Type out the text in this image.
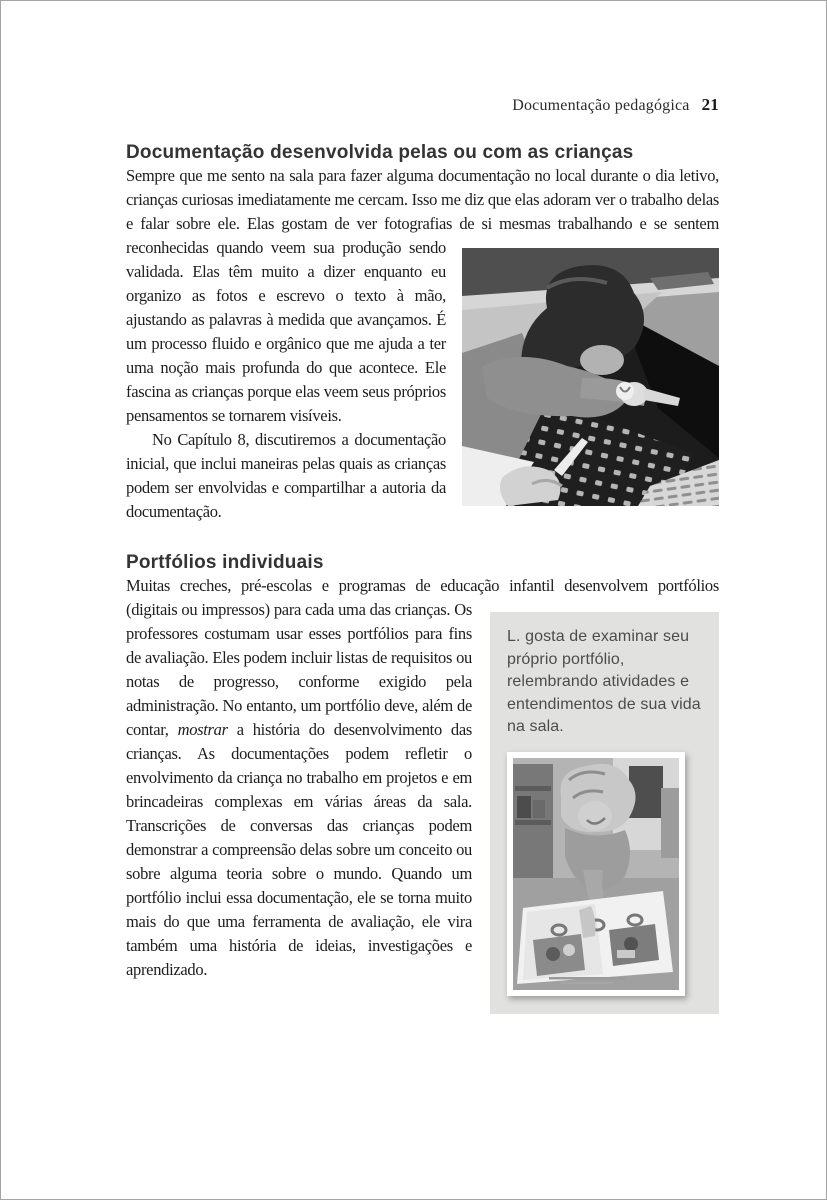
Documentação pedagógica 21
Documentação desenvolvida pelas ou com as crianças

Sempre que me sento na sala para fazer alguma documentação no local durante o dia letivo, crianças curiosas imediatamente me cercam. Isso me diz que elas adoram ver o trabalho delas e falar sobre ele. Elas gostam de ver fotografias de si mesmas trabalhando e se sentem reconhecidas quando veem sua produção sendo
validada. Elas têm muito a dizer enquanto eu organizo as fotos e escrevo o texto à mão, ajustando as palavras à medida que avançamos. É um processo fluido e orgânico que me ajuda a ter uma noção mais profunda do que acontece. Ele fascina as crianças porque elas veem seus próprios pensamentos se tornarem visíveis.

No Capítulo 8, discutiremos a documentação inicial, que inclui maneiras pelas quais as crianças podem ser envolvidas e compartilhar a autoria da documentação.

Portfólios individuais

Muitas creches, pré-escolas e programas de educação infantil desenvolvem
L. gosta de examinar seu próprio portfólio, relembrando atividades e entendimentos de sua vida na sala.
portfólios (digitais ou impressos) para cada uma das crianças. Os professores costumam usar esses portfólios para fins de avaliação. Eles podem incluir listas de requisitos ou notas de progresso, conforme exigido pela administração. No entanto, um portfólio deve, além de contar, mostrar a história do desenvolvimento das crianças. As documentações podem refletir o envolvimento da criança no trabalho em projetos e em brincadeiras complexas em várias áreas da sala. Transcrições de conversas das crianças podem demonstrar a compreensão delas sobre um conceito ou sobre alguma teoria sobre o mundo. Quando um portfólio inclui essa documentação, ele se torna muito mais do que uma ferramenta de avaliação, ele vira também uma história de ideias, investigações e aprendizado.
